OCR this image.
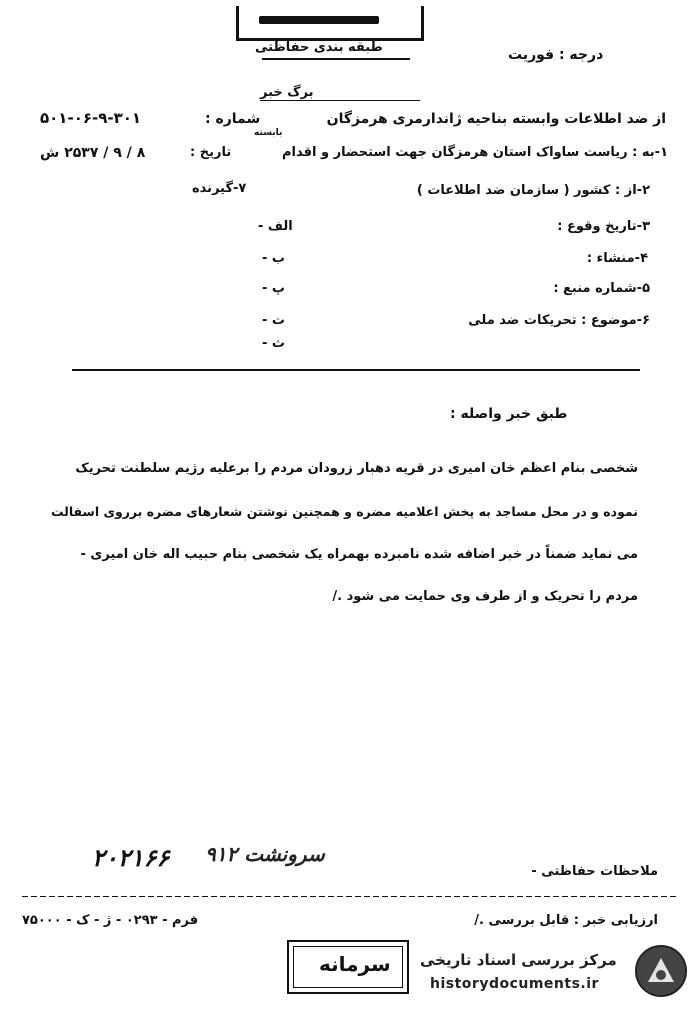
طبقه بندی حفاظتی	درجه : فوریت
برگ خبر
از ضد اطلاعات وابسته بناحیه ژاندارمری هرمزگان
شماره :
۵۰۱-۰۶-۹-۳۰۱
بابسته
۱-به : ریاست ساواک استان هرمزگان جهت استحضار و اقدام
تاریخ :
۸ / ۹ / ۲۵۳۷ ش
۲-از : کشور ( سازمان ضد اطلاعات )
۷-گیرنده
۳-تاریخ وقوع :
الف -
۴-منشاء :
ب -
۵-شماره منبع :
پ -
۶-موضوع : تحریکات ضد ملی
ت -
ث -
طبق خبر واصله :
شخصی بنام اعظم خان امیری در قریه دهبار زرودان مردم را برعلیه رژیم سلطنت تحریک
نموده و در محل مساجد به پخش اعلامیه مضره و همچنین نوشتن شعارهای مضره برروی اسفالت
می نماید ضمناً در خبر اضافه شده نامبرده بهمراه یک شخصی بنام حبیب اله خان امیری -
مردم را تحریک و از طرف وی حمایت می شود ./
۲۰۲۱۶۶ سرونشت ۹۱۲
ملاحظات حفاظتی -
فرم - ۰۲۹۳ - ژ - ک - ۷۵۰۰۰	ارزیابی خبر : قابل بررسی ./
سرمانه مرکز بررسی اسناد تاریخی
historydocuments.ir
